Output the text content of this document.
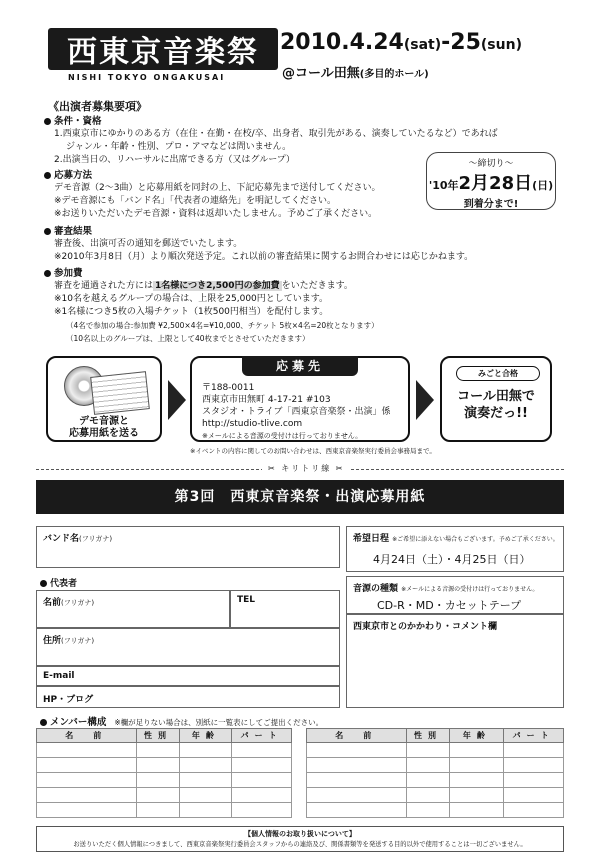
西東京音楽祭
NISHI TOKYO ONGAKUSAI
2010.4.24(sat)-25(sun)
@コール田無(多目的ホール)
《出演者募集要項》
条件・資格
1.西東京市にゆかりのある方（在住・在勤・在校/卒、出身者、取引先がある、演奏していたるなど）であれば
ジャンル・年齢・性別、プロ・アマなどは問いません。
2.出演当日の、リハーサルに出席できる方（又はグループ）
応募方法
デモ音源（2〜3曲）と応募用紙を同封の上、下記応募先まで送付してください。
※デモ音源にも「バンド名」「代表者の連絡先」を明記してください。
※お送りいただいたデモ音源・資料は返却いたしません。予めご了承ください。
〜締切り〜
'10年2月28日(日)
到着分まで!
審査結果
審査後、出演可否の通知を郵送でいたします。
※2010年3月8日（月）より順次発送予定。これ以前の審査結果に関するお問合わせには応じかねます。
参加費
審査を通過された方には 1名様につき2,500円の参加費 をいただきます。
※10名を越えるグループの場合は、上限を25,000円としています。
※1名様につき5枚の入場チケット（1枚500円相当）を配付します。
（4名で参加の場合:参加費 ¥2,500×4名=¥10,000、チケット 5枚×4名=20枚となります）
（10名以上のグループは、上限として40枚までとさせていただきます）
デモ音源と
応募用紙を送る
応募先
〒188-0011
西東京市田無町 4-17-21 #103
スタジオ・トライブ「西東京音楽祭・出演」係
http://studio-tlive.com
※メールによる音源の受付けは行っておりません。
みごと合格
コール田無で
演奏だっ!!
※イベントの内容に関してのお問い合わせは、西東京音楽祭実行委員会事務局まで。
✂ キリトリ線 ✂
第3回　西東京音楽祭・出演応募用紙
バンド名(フリガナ)	希望日程 ※ご希望に添えない場合もございます。予めご了承ください。
4月24日（土）・4月25日（日）
代表者
名前(フリガナ)	TEL
音源の種類 ※メールによる音源の受付けは行っておりません。
CD-R・MD・カセットテープ
西東京市とのかかわり・コメント欄
住所(フリガナ)
E-mail
HP・ブログ
メンバー構成 ※欄が足りない場合は、別紙に一覧表にしてご提出ください。
名　前	性別	年齢	パート

				名　前	性別	年齢	パート

【個人情報のお取り扱いについて】
お送りいただく個人情報につきまして、西東京音楽祭実行委員会スタッフからの連絡及び、関係書類等を発送する目的以外で使用することは一切ございません。
